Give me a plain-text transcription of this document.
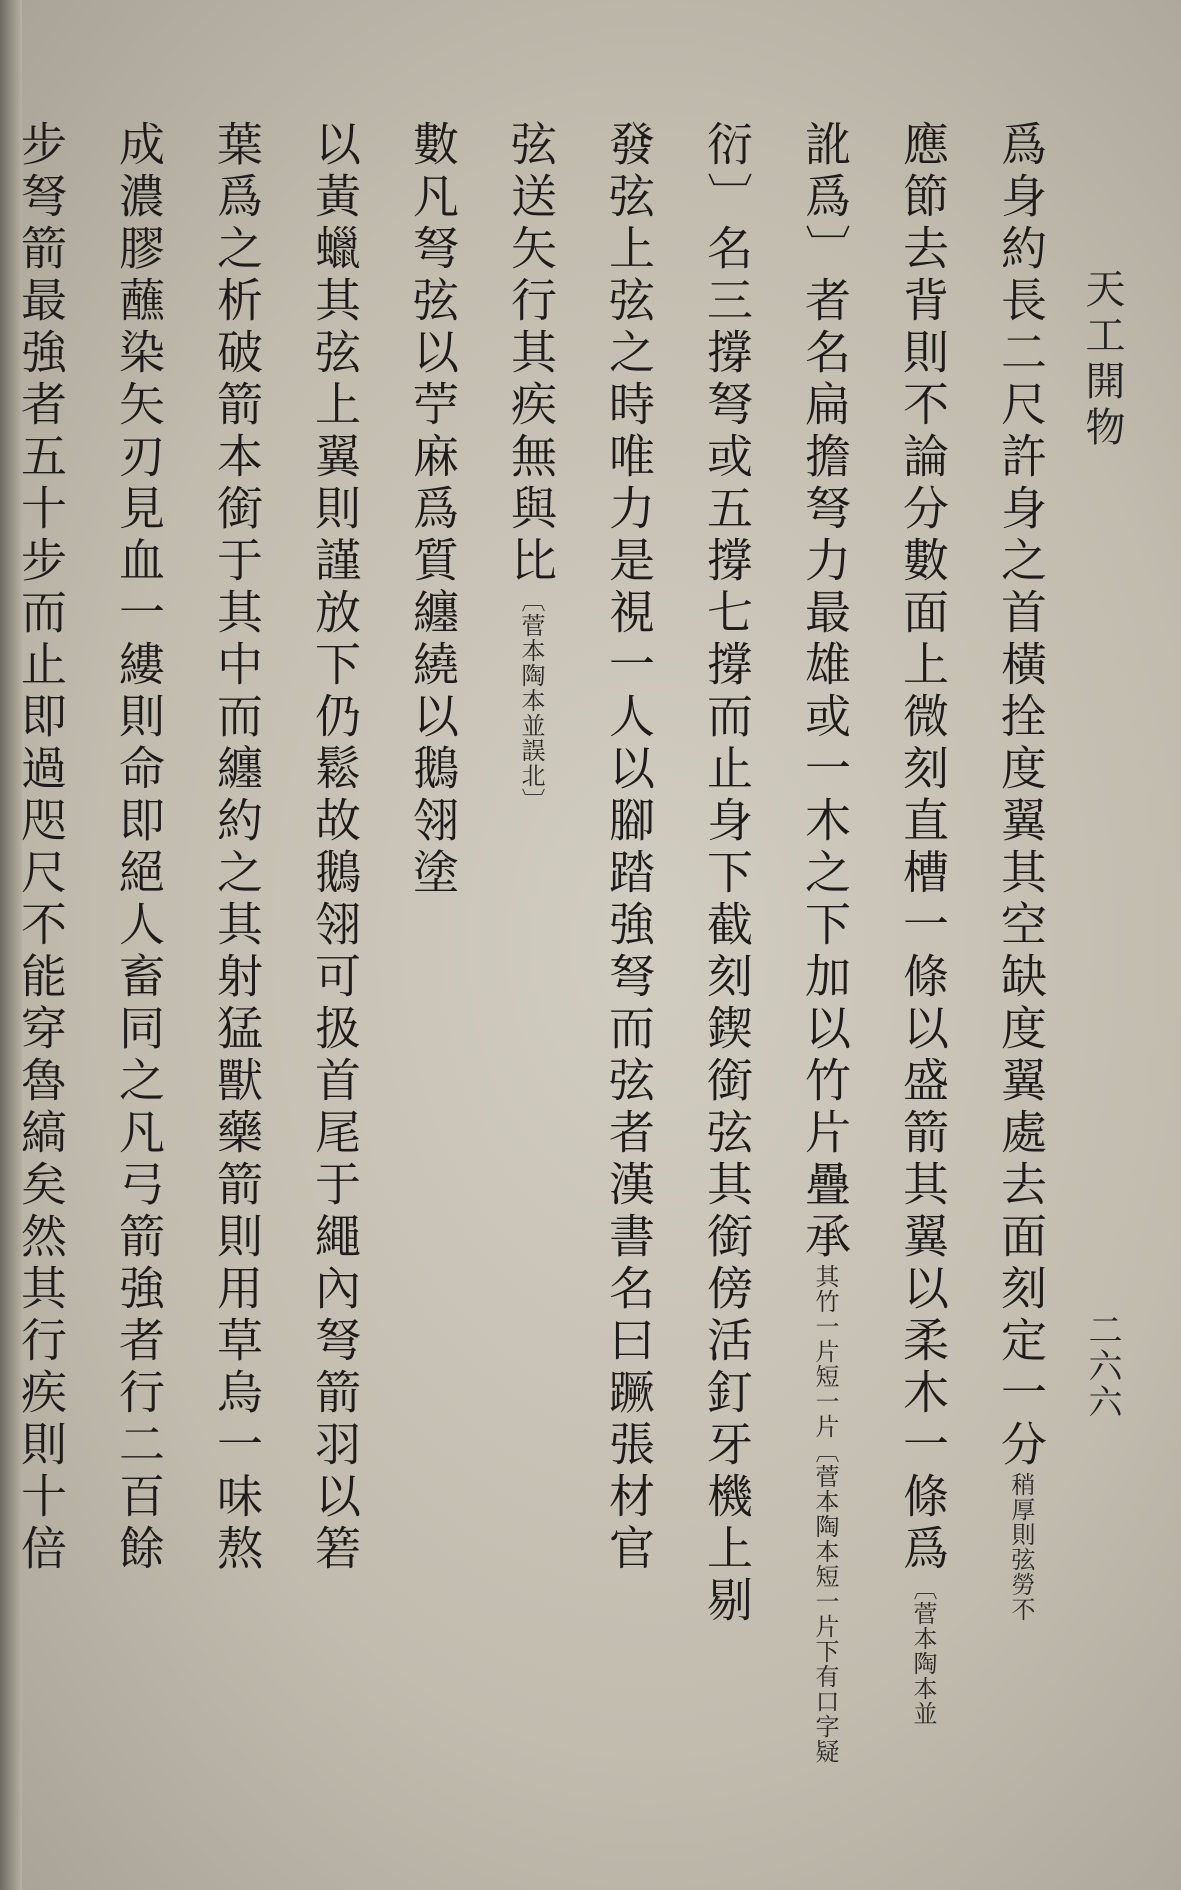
天工開物
二六六
爲身約長二尺許身之首橫拴度翼其空缺度翼處去面刻定一分稍厚則弦勞不
應節去背則不論分數面上微刻直槽一條以盛箭其翼以柔木一條爲〔菅本陶本並
訛爲〕者名扁擔弩力最雄或一木之下加以竹片疊承其竹一片短一片〔菅本陶本短一片下有口字疑
衍〕名三撐弩或五撐七撐而止身下截刻鍥銜弦其銜傍活釘牙機上剔
發弦上弦之時唯力是視一人以腳踏強弩而弦者漢書名曰蹶張材官
弦送矢行其疾無與比〔菅本陶本並誤北〕
數凡弩弦以苧麻爲質纏繞以鵝翎塗
以黃蠟其弦上翼則謹放下仍鬆故鵝翎可扱首尾于繩內弩箭羽以箬
葉爲之析破箭本銜于其中而纏約之其射猛獸藥箭則用草烏一味熬
成濃膠蘸染矢刃見血一縷則命即絕人畜同之凡弓箭強者行二百餘
步弩箭最強者五十步而止即過咫尺不能穿魯縞矣然其行疾則十倍
